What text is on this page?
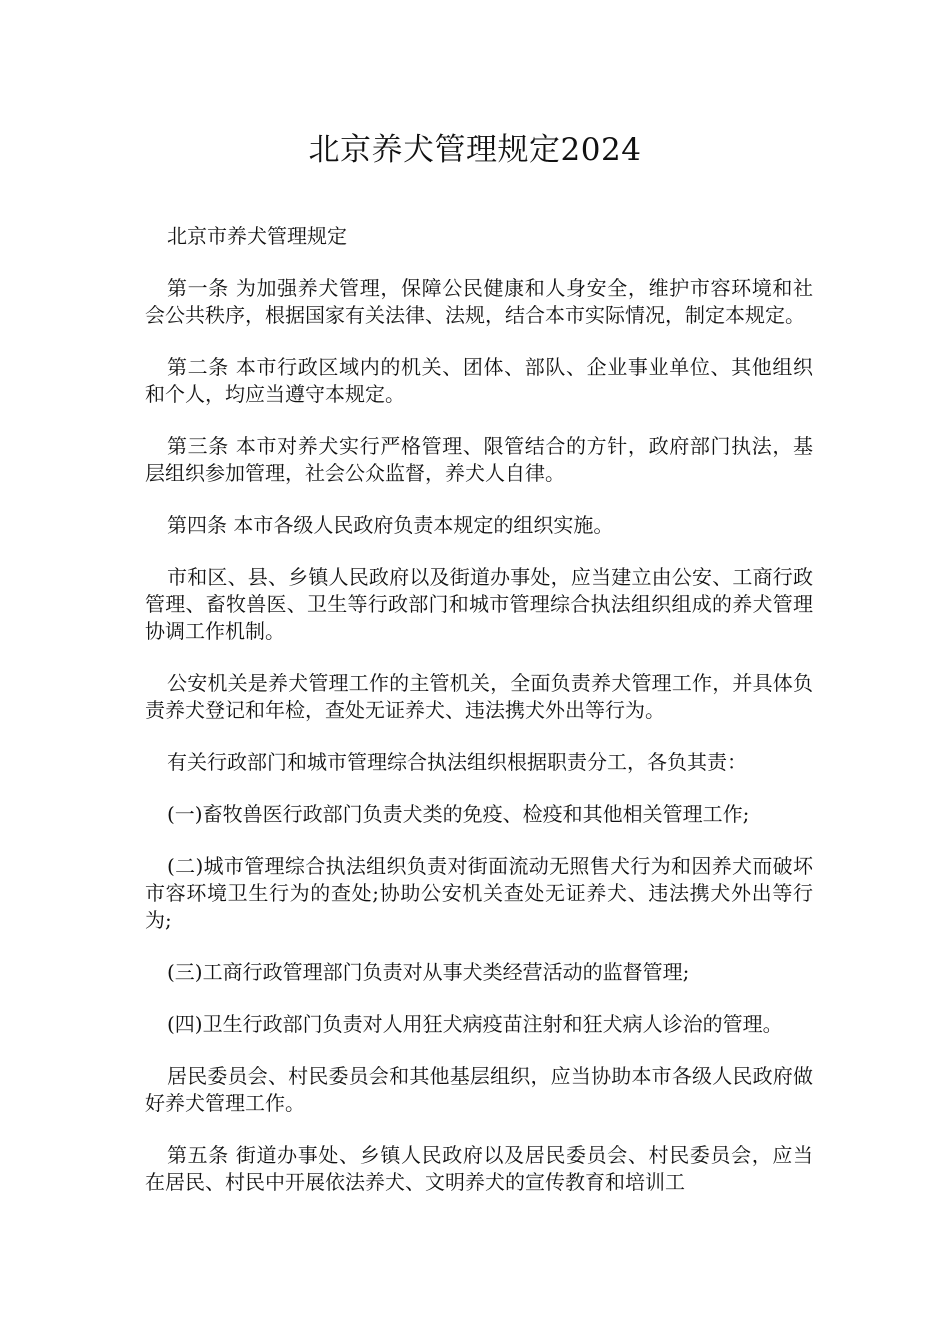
北京养犬管理规定2024

北京市养犬管理规定

第一条 为加强养犬管理，保障公民健康和人身安全，维护市容环境和社会公共秩序，根据国家有关法律、法规，结合本市实际情况，制定本规定。

第二条 本市行政区域内的机关、团体、部队、企业事业单位、其他组织和个人，均应当遵守本规定。

第三条 本市对养犬实行严格管理、限管结合的方针，政府部门执法，基层组织参加管理，社会公众监督，养犬人自律。

第四条 本市各级人民政府负责本规定的组织实施。

市和区、县、乡镇人民政府以及街道办事处，应当建立由公安、工商行政管理、畜牧兽医、卫生等行政部门和城市管理综合执法组织组成的养犬管理协调工作机制。

公安机关是养犬管理工作的主管机关，全面负责养犬管理工作，并具体负责养犬登记和年检，查处无证养犬、违法携犬外出等行为。

有关行政部门和城市管理综合执法组织根据职责分工，各负其责：

(一)畜牧兽医行政部门负责犬类的免疫、检疫和其他相关管理工作;

(二)城市管理综合执法组织负责对街面流动无照售犬行为和因养犬而破坏市容环境卫生行为的查处;协助公安机关查处无证养犬、违法携犬外出等行为;

(三)工商行政管理部门负责对从事犬类经营活动的监督管理;

(四)卫生行政部门负责对人用狂犬病疫苗注射和狂犬病人诊治的管理。

居民委员会、村民委员会和其他基层组织，应当协助本市各级人民政府做好养犬管理工作。

第五条 街道办事处、乡镇人民政府以及居民委员会、村民委员会，应当在居民、村民中开展依法养犬、文明养犬的宣传教育和培训工
